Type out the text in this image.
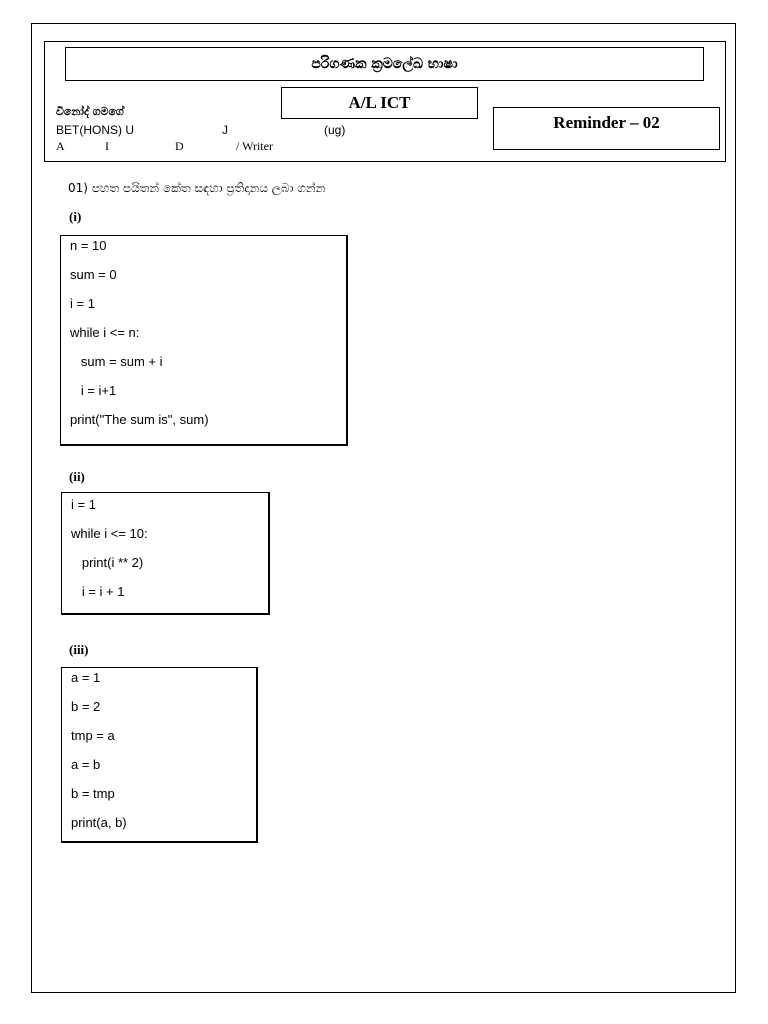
පරිගණක ක්‍රමලේඛ භාෂා
A/L ICT
Reminder – 02
විනෝද් ගමගේ
BET(HONS) U	J	(ug)
A	I	D	/ Writer
01) පහත පයිතන් කේත සඳහා ප්‍රතිදානය ලබා ගන්න
(i)
n = 10
sum = 0
i = 1
while i <= n:
sum = sum + i
i = i+1
print("The sum is", sum)
(ii)
i = 1
while i <= 10:
print(i ** 2)
i = i + 1
(iii)
a = 1
b = 2
tmp = a
a = b
b = tmp
print(a, b)
